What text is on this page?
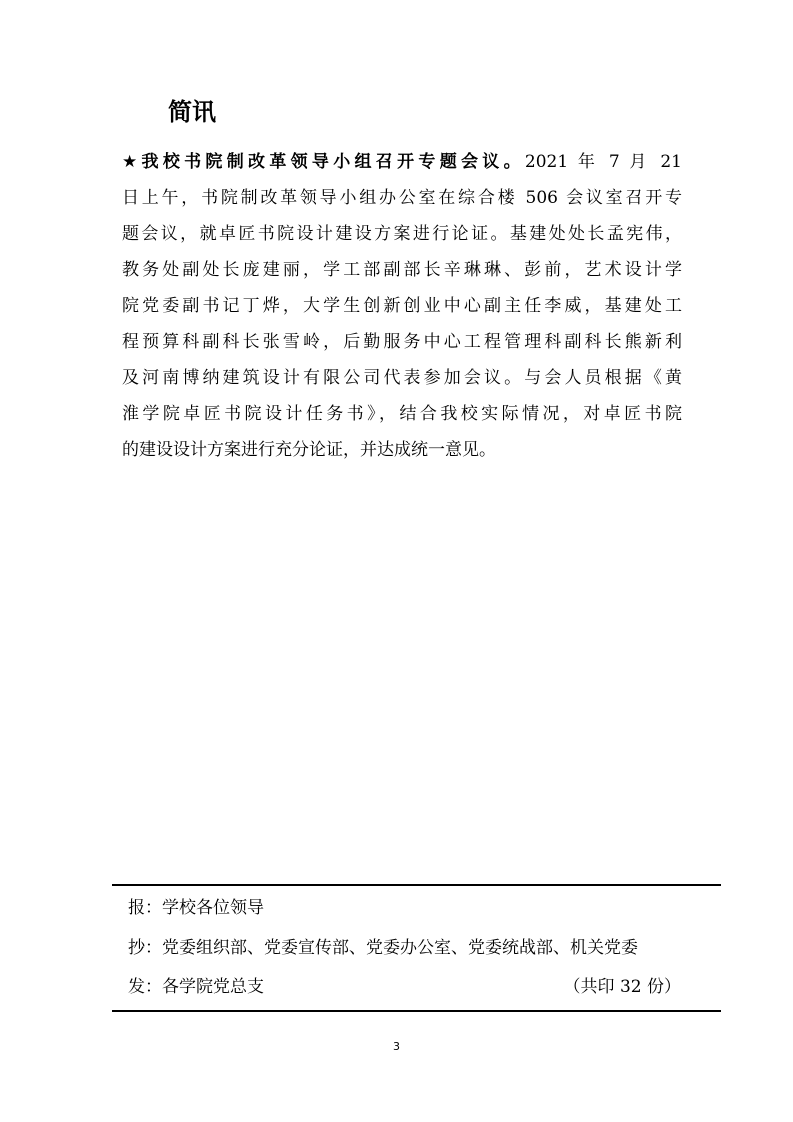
简讯
★我校书院制改革领导小组召开专题会议。2021 年 7 月 21
日上午，书院制改革领导小组办公室在综合楼 506 会议室召开专
题会议，就卓匠书院设计建设方案进行论证。基建处处长孟宪伟，
教务处副处长庞建丽，学工部副部长辛琳琳、彭前，艺术设计学
院党委副书记丁烨，大学生创新创业中心副主任李威，基建处工
程预算科副科长张雪岭，后勤服务中心工程管理科副科长熊新利
及河南博纳建筑设计有限公司代表参加会议。与会人员根据《黄
淮学院卓匠书院设计任务书》，结合我校实际情况，对卓匠书院
的建设设计方案进行充分论证，并达成统一意见。
报：学校各位领导
抄：党委组织部、党委宣传部、党委办公室、党委统战部、机关党委
发：各学院党总支	（共印 32 份）
3
